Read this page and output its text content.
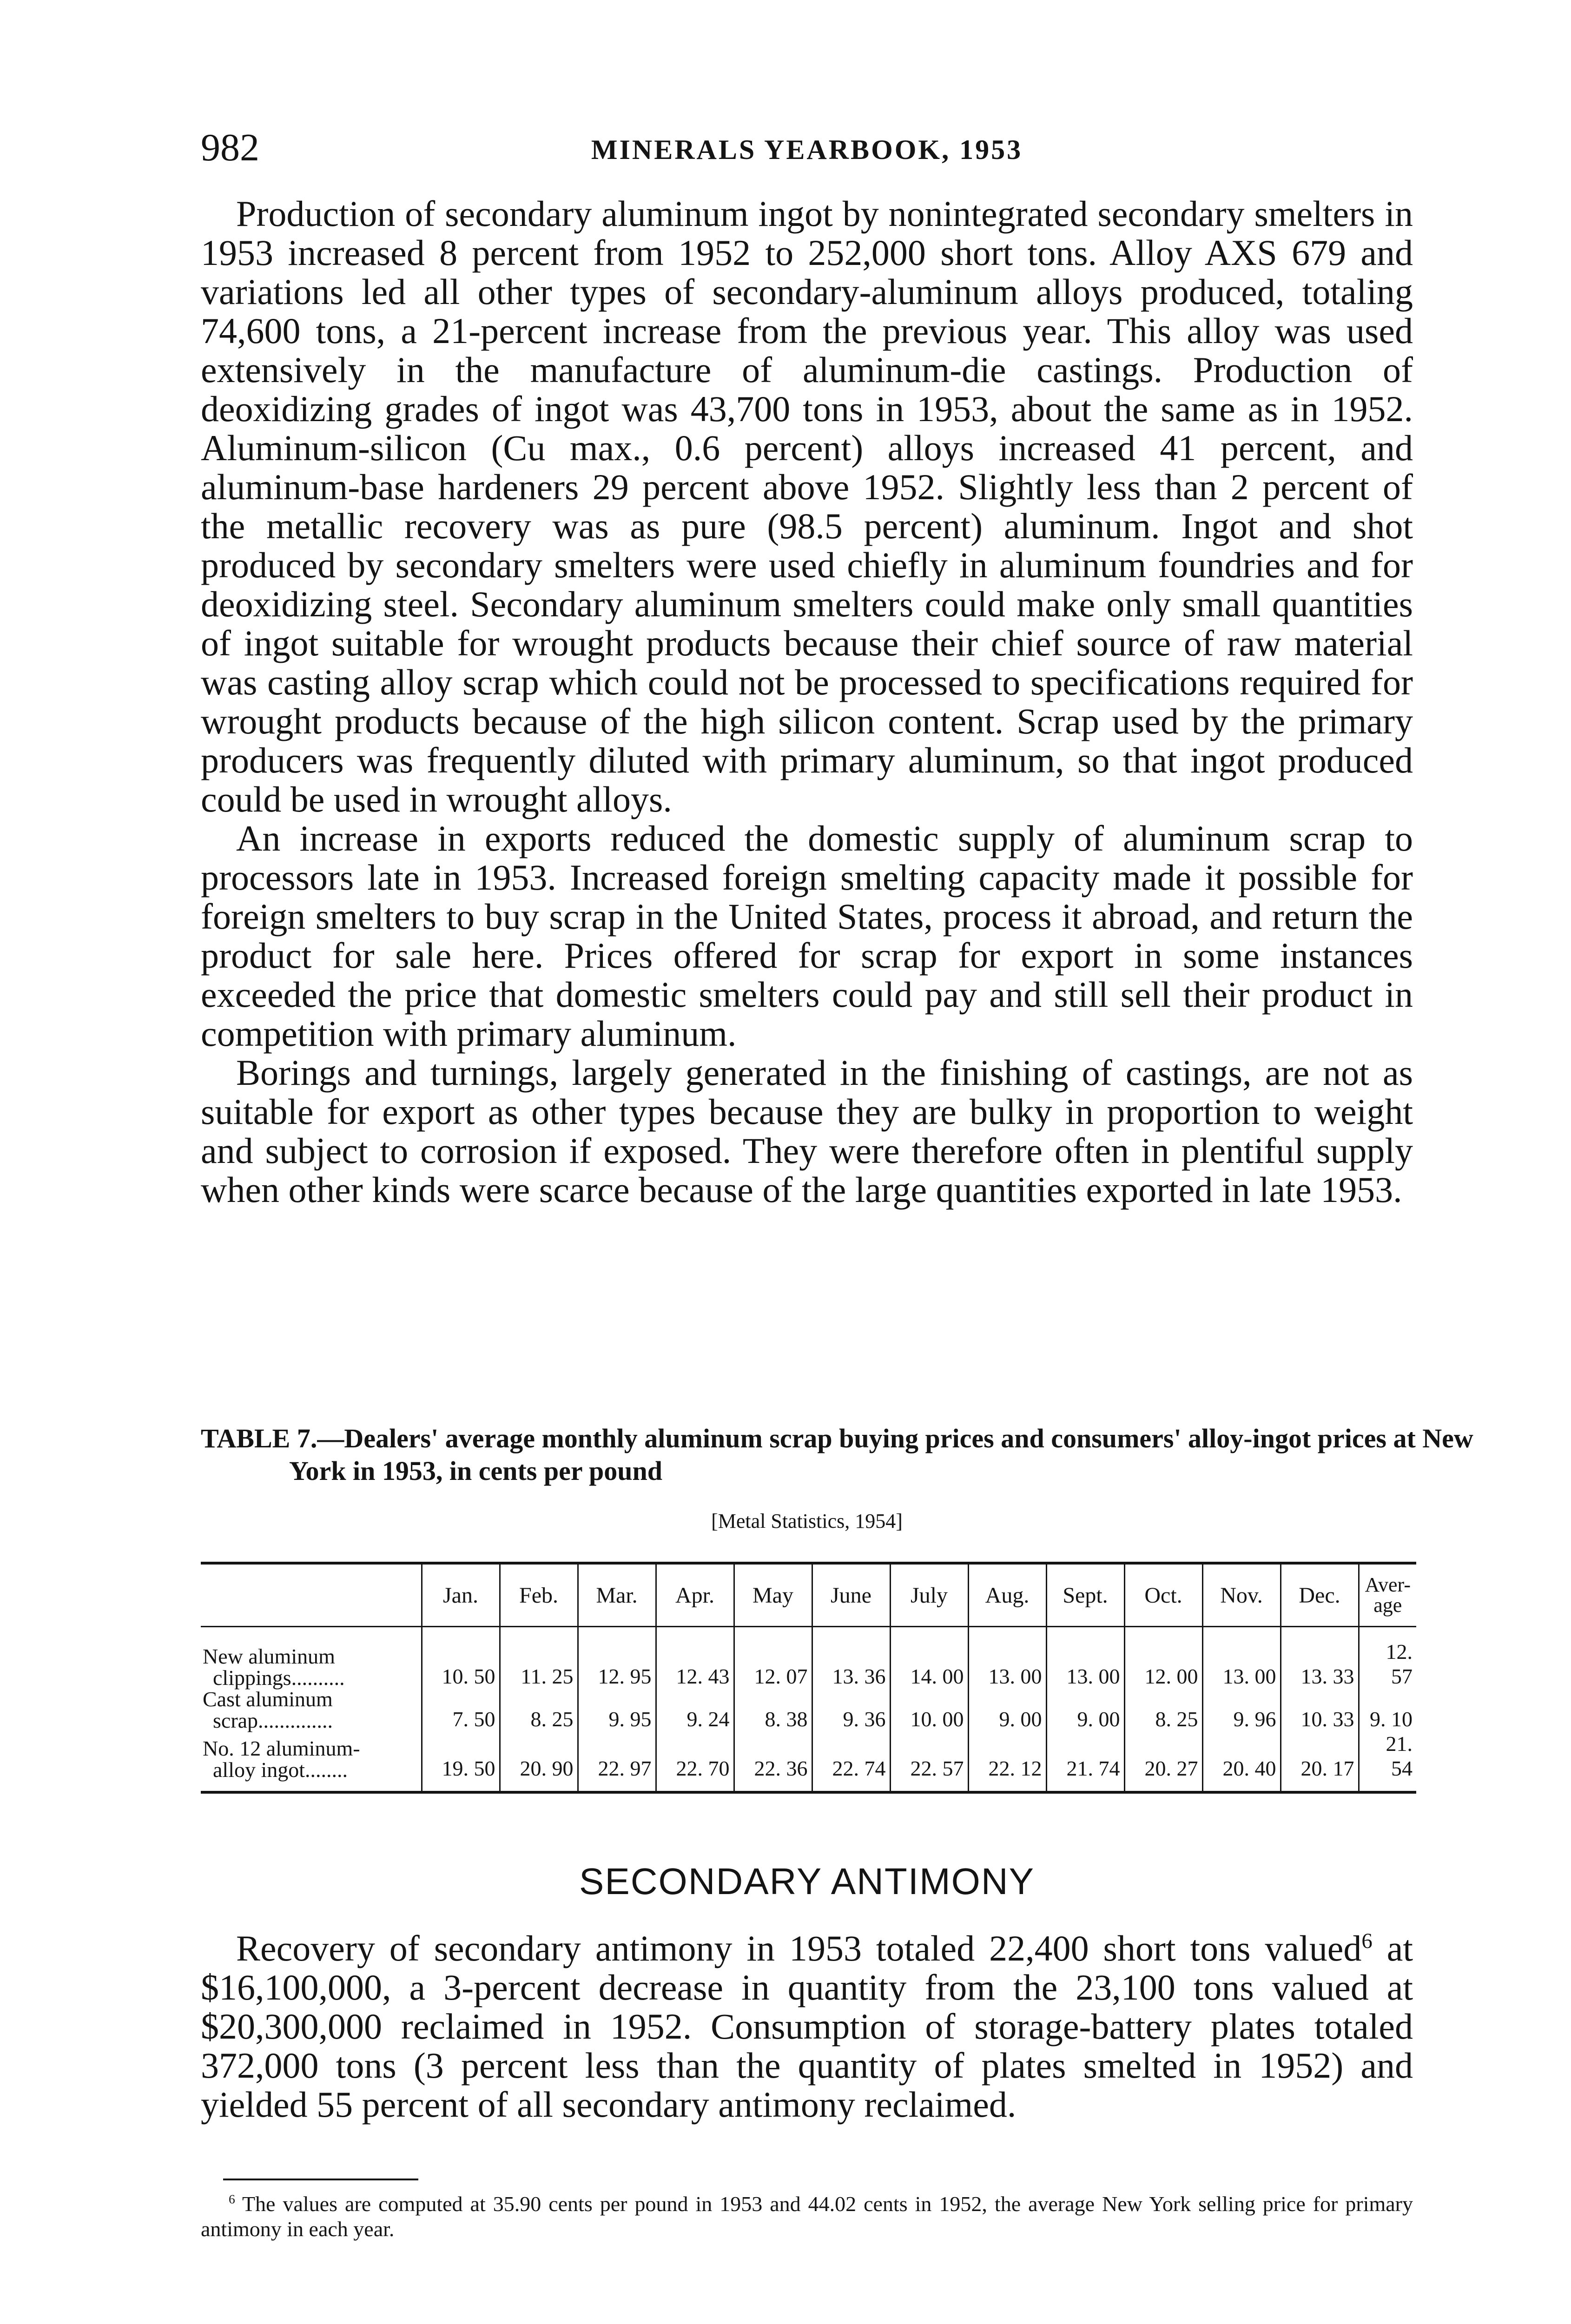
982	MINERALS YEARBOOK, 1953

Production of secondary aluminum ingot by nonintegrated secondary smelters in 1953 increased 8 percent from 1952 to 252,000 short tons. Alloy AXS 679 and variations led all other types of secondary-aluminum alloys produced, totaling 74,600 tons, a 21-percent increase from the previous year. This alloy was used extensively in the manufacture of aluminum-die castings. Production of deoxidizing grades of ingot was 43,700 tons in 1953, about the same as in 1952. Aluminum-silicon (Cu max., 0.6 percent) alloys increased 41 percent, and aluminum-base hardeners 29 percent above 1952. Slightly less than 2 percent of the metallic recovery was as pure (98.5 percent) aluminum. Ingot and shot produced by secondary smelters were used chiefly in aluminum foundries and for deoxidizing steel. Secondary aluminum smelters could make only small quantities of ingot suitable for wrought products because their chief source of raw material was casting alloy scrap which could not be processed to specifications required for wrought products because of the high silicon content. Scrap used by the primary producers was frequently diluted with primary aluminum, so that ingot produced could be used in wrought alloys.

An increase in exports reduced the domestic supply of aluminum scrap to processors late in 1953. Increased foreign smelting capacity made it possible for foreign smelters to buy scrap in the United States, process it abroad, and return the product for sale here. Prices offered for scrap for export in some instances exceeded the price that domestic smelters could pay and still sell their product in competition with primary aluminum.

Borings and turnings, largely generated in the finishing of castings, are not as suitable for export as other types because they are bulky in proportion to weight and subject to corrosion if exposed. They were therefore often in plentiful supply when other kinds were scarce because of the large quantities exported in late 1953.

TABLE 7.—Dealers' average monthly aluminum scrap buying prices and consumers' alloy-ingot prices at New York in 1953, in cents per pound
[Metal Statistics, 1954]
	Jan.	Feb.	Mar.	Apr.	May	June	July	Aug.	Sept.	Oct.	Nov.	Dec.	Aver- age

New aluminum
clippings..........	10. 50	11. 25	12. 95	12. 43	12. 07	13. 36	14. 00	13. 00	13. 00	12. 00	13. 00	13. 33	12. 57

Cast aluminum
scrap..............	7. 50	8. 25	9. 95	9. 24	8. 38	9. 36	10. 00	9. 00	9. 00	8. 25	9. 96	10. 33	9. 10

No. 12 aluminum-
alloy ingot........	19. 50	20. 90	22. 97	22. 70	22. 36	22. 74	22. 57	22. 12	21. 74	20. 27	20. 40	20. 17	21. 54
SECONDARY ANTIMONY

Recovery of secondary antimony in 1953 totaled 22,400 short tons valued$^6$ at $16,100,000, a 3-percent decrease in quantity from the 23,100 tons valued at $20,300,000 reclaimed in 1952. Consumption of storage-battery plates totaled 372,000 tons (3 percent less than the quantity of plates smelted in 1952) and yielded 55 percent of all secondary antimony reclaimed.

$^6$ The values are computed at 35.90 cents per pound in 1953 and 44.02 cents in 1952, the average New York selling price for primary antimony in each year.
